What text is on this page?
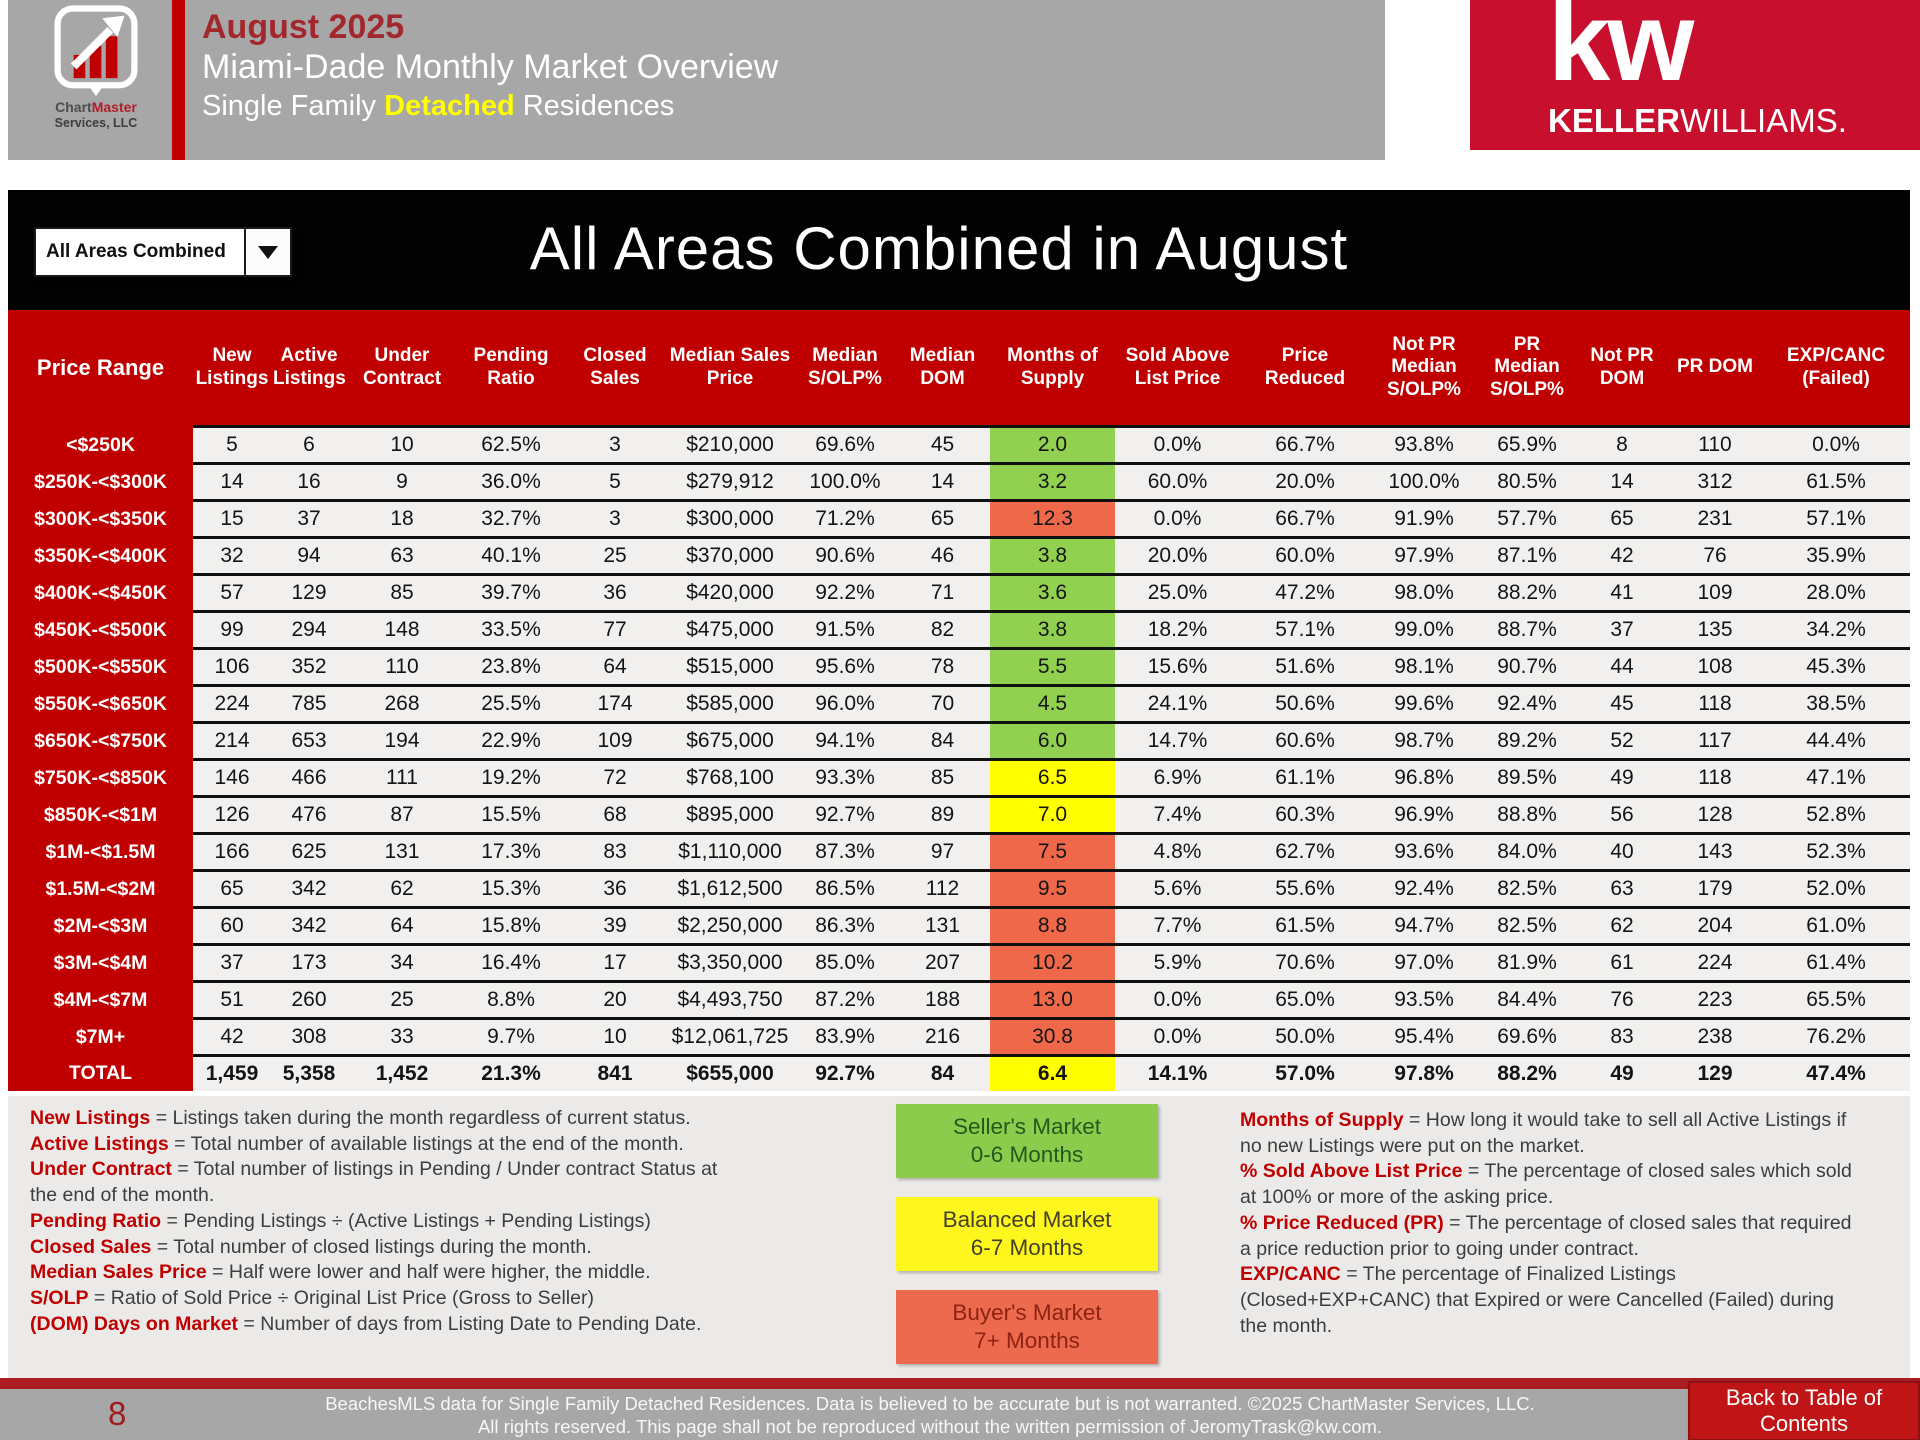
ChartMaster
Services, LLC
August 2025
Miami-Dade Monthly Market Overview
Single Family Detached Residences
kw
KELLERWILLIAMS.
All Areas Combined	All Areas Combined in August
Price Range	New Listings	Active Listings	Under Contract	Pending Ratio	Closed Sales	Median Sales Price	Median S/OLP%	Median DOM	Months of Supply	Sold Above List Price	Price Reduced	Not PR Median S/OLP%	PR Median S/OLP%	Not PR DOM	PR DOM	EXP/CANC (Failed)
<$250K	5	6	10	62.5%	3	$210,000	69.6%	45	2.0	0.0%	66.7%	93.8%	65.9%	8	110	0.0%
$250K-<$300K	14	16	9	36.0%	5	$279,912	100.0%	14	3.2	60.0%	20.0%	100.0%	80.5%	14	312	61.5%
$300K-<$350K	15	37	18	32.7%	3	$300,000	71.2%	65	12.3	0.0%	66.7%	91.9%	57.7%	65	231	57.1%
$350K-<$400K	32	94	63	40.1%	25	$370,000	90.6%	46	3.8	20.0%	60.0%	97.9%	87.1%	42	76	35.9%
$400K-<$450K	57	129	85	39.7%	36	$420,000	92.2%	71	3.6	25.0%	47.2%	98.0%	88.2%	41	109	28.0%
$450K-<$500K	99	294	148	33.5%	77	$475,000	91.5%	82	3.8	18.2%	57.1%	99.0%	88.7%	37	135	34.2%
$500K-<$550K	106	352	110	23.8%	64	$515,000	95.6%	78	5.5	15.6%	51.6%	98.1%	90.7%	44	108	45.3%
$550K-<$650K	224	785	268	25.5%	174	$585,000	96.0%	70	4.5	24.1%	50.6%	99.6%	92.4%	45	118	38.5%
$650K-<$750K	214	653	194	22.9%	109	$675,000	94.1%	84	6.0	14.7%	60.6%	98.7%	89.2%	52	117	44.4%
$750K-<$850K	146	466	111	19.2%	72	$768,100	93.3%	85	6.5	6.9%	61.1%	96.8%	89.5%	49	118	47.1%
$850K-<$1M	126	476	87	15.5%	68	$895,000	92.7%	89	7.0	7.4%	60.3%	96.9%	88.8%	56	128	52.8%
$1M-<$1.5M	166	625	131	17.3%	83	$1,110,000	87.3%	97	7.5	4.8%	62.7%	93.6%	84.0%	40	143	52.3%
$1.5M-<$2M	65	342	62	15.3%	36	$1,612,500	86.5%	112	9.5	5.6%	55.6%	92.4%	82.5%	63	179	52.0%
$2M-<$3M	60	342	64	15.8%	39	$2,250,000	86.3%	131	8.8	7.7%	61.5%	94.7%	82.5%	62	204	61.0%
$3M-<$4M	37	173	34	16.4%	17	$3,350,000	85.0%	207	10.2	5.9%	70.6%	97.0%	81.9%	61	224	61.4%
$4M-<$7M	51	260	25	8.8%	20	$4,493,750	87.2%	188	13.0	0.0%	65.0%	93.5%	84.4%	76	223	65.5%
$7M+	42	308	33	9.7%	10	$12,061,725	83.9%	216	30.8	0.0%	50.0%	95.4%	69.6%	83	238	76.2%
TOTAL	1,459	5,358	1,452	21.3%	841	$655,000	92.7%	84	6.4	14.1%	57.0%	97.8%	88.2%	49	129	47.4%
New Listings = Listings taken during the month regardless of current status.
Active Listings = Total number of available listings at the end of the month.
Under Contract = Total number of listings in Pending / Under contract Status at the end of the month.
Pending Ratio = Pending Listings ÷ (Active Listings + Pending Listings)
Closed Sales = Total number of closed listings during the month.
Median Sales Price = Half were lower and half were higher, the middle.
S/OLP = Ratio of Sold Price ÷ Original List Price (Gross to Seller)
(DOM) Days on Market = Number of days from Listing Date to Pending Date.
Seller's Market
0-6 Months
Balanced Market
6-7 Months
Buyer's Market
7+ Months
Months of Supply = How long it would take to sell all Active Listings if no new Listings were put on the market.
% Sold Above List Price = The percentage of closed sales which sold at 100% or more of the asking price.
% Price Reduced (PR) = The percentage of closed sales that required a price reduction prior to going under contract.
EXP/CANC = The percentage of Finalized Listings (Closed+EXP+CANC) that Expired or were Cancelled (Failed) during the month.
8	BeachesMLS data for Single Family Detached Residences. Data is believed to be accurate but is not warranted. ©2025 ChartMaster Services, LLC.
All rights reserved. This page shall not be reproduced without the written permission of JeromyTrask@kw.com.
Back to Table of Contents
